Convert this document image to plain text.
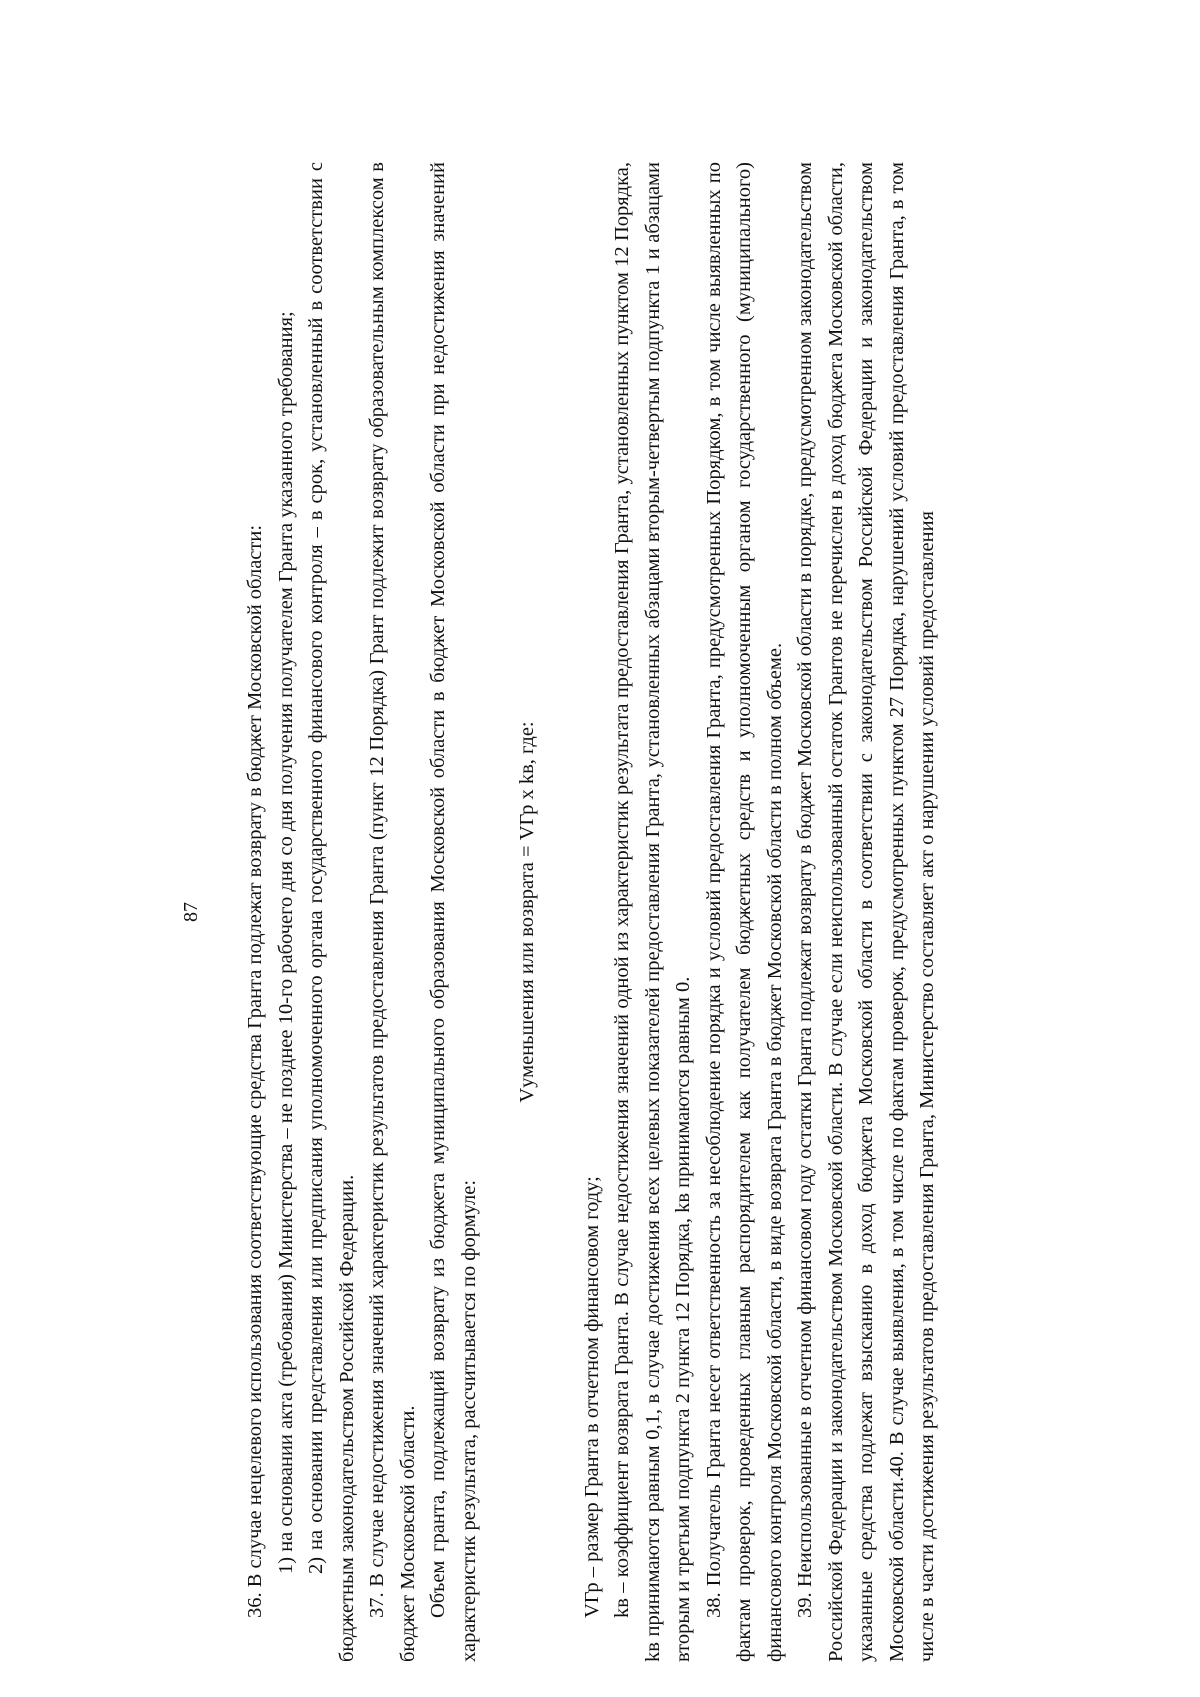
87 36. В случае нецелевого использования соответствующие средства Гранта подлежат возврату в бюджет Московской области: 1) на основании акта (требования) Министерства – не позднее 10-го рабочего дня со дня получения получателем Гранта указанного требования; 2) на основании представления или предписания уполномоченного органа государственного финансового контроля – в срок, установленный в соответствии с бюджетным законодательством Российской Федерации. 37. В случае недостижения значений характеристик результатов предоставления Гранта (пункт 12 Порядка) Грант подлежит возврату образовательным комплексом в бюджет Московской области. Объем гранта, подлежащий возврату из бюджета муниципального образования Московской области в бюджет Московской области при недостижения значений характеристик результата, рассчитывается по формуле:

Vуменьшения или возврата = VГр х kв, где:

VГр – размер Гранта в отчетном финансовом году; kв – коэффициент возврата Гранта. В случае недостижения значений одной из характеристик результата предоставления Гранта, установленных пунктом 12 Порядка, kв принимаются равным 0,1, в случае достижения всех целевых показателей предоставления Гранта, установленных абзацами вторым-четвертым подпункта 1 и абзацами вторым и третьим подпункта 2 пункта 12 Порядка, kв принимаются равным 0. 38. Получатель Гранта несет ответственность за несоблюдение порядка и условий предоставления Гранта, предусмотренных Порядком, в том числе выявленных по фактам проверок, проведенных главным распорядителем как получателем бюджетных средств и уполномоченным органом государственного (муниципального) финансового контроля Московской области, в виде возврата Гранта в бюджет Московской области в полном объеме. 39. Неиспользованные в отчетном финансовом году остатки Гранта подлежат возврату в бюджет Московской области в порядке, предусмотренном законодательством Российской Федерации и законодательством Московской области. В случае если неиспользованный остаток Грантов не перечислен в доход бюджета Московской области, указанные средства подлежат взысканию в доход бюджета Московской области в соответствии с законодательством Российской Федерации и законодательством Московской области.40. В случае выявления, в том числе по фактам проверок, предусмотренных пунктом 27 Порядка, нарушений условий предоставления Гранта, в том числе в части достижения результатов предоставления Гранта, Министерство составляет акт о нарушении условий предоставления
